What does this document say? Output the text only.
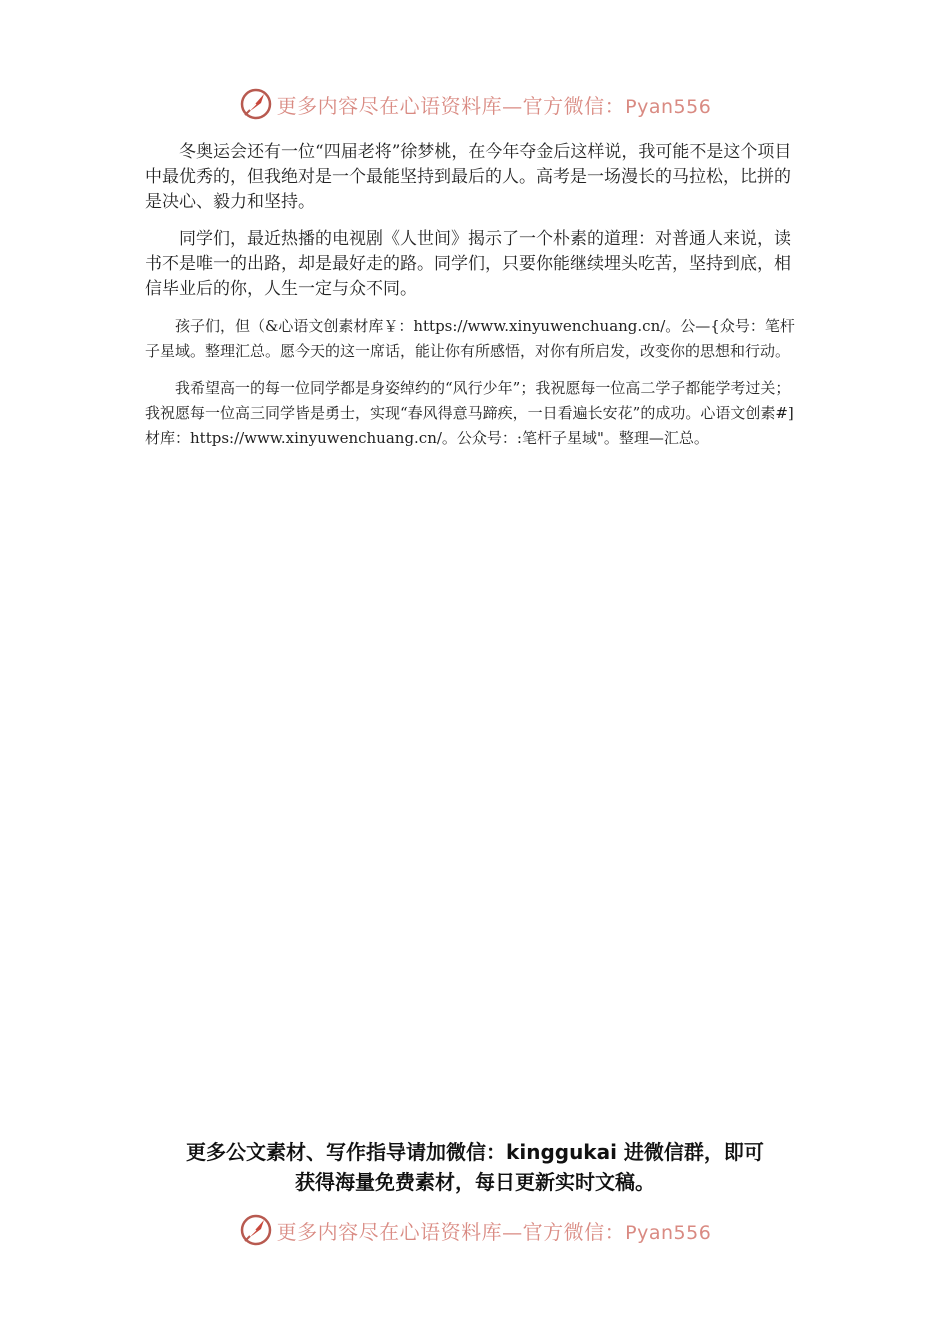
更多内容尽在心语资料库—官方微信：Pyan556

冬奥运会还有一位“四届老将”徐梦桃，在今年夺金后这样说，我可能不是这个项目中最优秀的，但我绝对是一个最能坚持到最后的人。高考是一场漫长的马拉松，比拼的是决心、毅力和坚持。

同学们，最近热播的电视剧《人世间》揭示了一个朴素的道理：对普通人来说，读书不是唯一的出路，却是最好走的路。同学们，只要你能继续埋头吃苦，坚持到底，相信毕业后的你，人生一定与众不同。

孩子们，但（&心语文创素材库￥：https://www.xinyuwenchuang.cn/。公—{众号：笔杆子星域。整理汇总。愿今天的这一席话，能让你有所感悟，对你有所启发，改变你的思想和行动。

我希望高一的每一位同学都是身姿绰约的“风行少年”；我祝愿每一位高二学子都能学考过关；我祝愿每一位高三同学皆是勇士，实现“春风得意马蹄疾，一日看遍长安花”的成功。心语文创素#]材库：https://www.xinyuwenchuang.cn/。公众号：:笔杆子星域"。整理—汇总。

更多公文素材、写作指导请加微信：kinggukai 进微信群，即可
获得海量免费素材，每日更新实时文稿。
更多内容尽在心语资料库—官方微信：Pyan556
